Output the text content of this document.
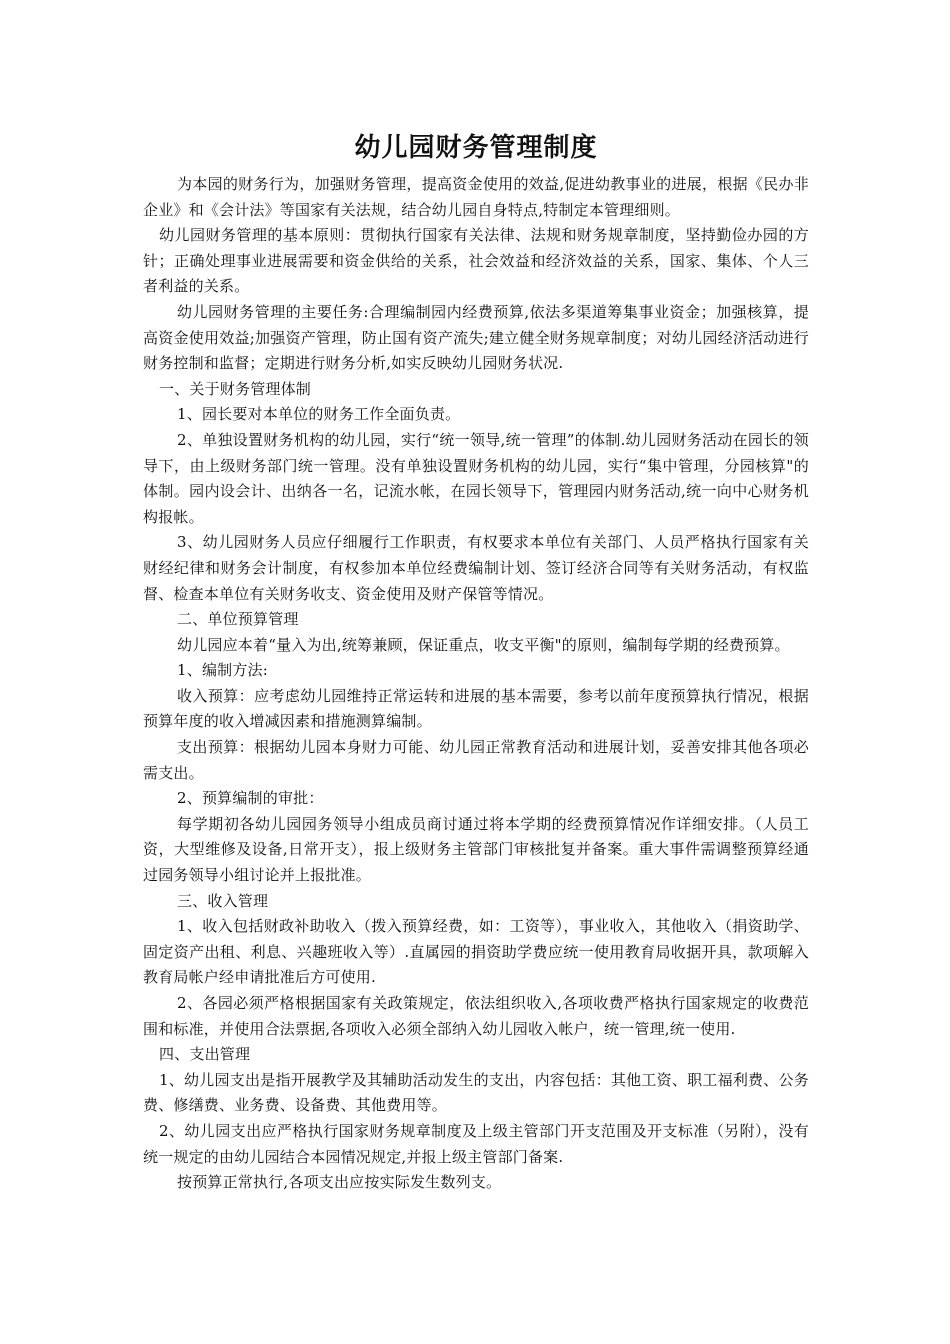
幼儿园财务管理制度

为本园的财务行为，加强财务管理，提高资金使用的效益,促进幼教事业的进展，根据《民办非企业》和《会计法》等国家有关法规，结合幼儿园自身特点,特制定本管理细则。

幼儿园财务管理的基本原则：贯彻执行国家有关法律、法规和财务规章制度，坚持勤俭办园的方针；正确处理事业进展需要和资金供给的关系，社会效益和经济效益的关系，国家、集体、个人三者利益的关系。

幼儿园财务管理的主要任务:合理编制园内经费预算,依法多渠道筹集事业资金；加强核算，提高资金使用效益;加强资产管理，防止国有资产流失;建立健全财务规章制度；对幼儿园经济活动进行财务控制和监督；定期进行财务分析,如实反映幼儿园财务状况.

一、关于财务管理体制

1、园长要对本单位的财务工作全面负责。

2、单独设置财务机构的幼儿园，实行“统一领导,统一管理”的体制.幼儿园财务活动在园长的领导下，由上级财务部门统一管理。没有单独设置财务机构的幼儿园，实行“集中管理，分园核算"的体制。园内设会计、出纳各一名，记流水帐，在园长领导下，管理园内财务活动,统一向中心财务机构报帐。

3、幼儿园财务人员应仔细履行工作职责，有权要求本单位有关部门、人员严格执行国家有关财经纪律和财务会计制度，有权参加本单位经费编制计划、签订经济合同等有关财务活动，有权监督、检查本单位有关财务收支、资金使用及财产保管等情况。

二、单位预算管理

幼儿园应本着“量入为出,统筹兼顾，保证重点，收支平衡"的原则，编制每学期的经费预算。

1、编制方法:

收入预算：应考虑幼儿园维持正常运转和进展的基本需要，参考以前年度预算执行情况，根据预算年度的收入增减因素和措施测算编制。

支出预算：根据幼儿园本身财力可能、幼儿园正常教育活动和进展计划，妥善安排其他各项必需支出。

2、预算编制的审批：

每学期初各幼儿园园务领导小组成员商讨通过将本学期的经费预算情况作详细安排。（人员工资，大型维修及设备,日常开支），报上级财务主管部门审核批复并备案。重大事件需调整预算经通过园务领导小组讨论并上报批准。

三、收入管理

1、收入包括财政补助收入（拨入预算经费，如：工资等），事业收入，其他收入（捐资助学、固定资产出租、利息、兴趣班收入等）.直属园的捐资助学费应统一使用教育局收据开具，款项解入教育局帐户经申请批准后方可使用.

2、各园必须严格根据国家有关政策规定，依法组织收入,各项收费严格执行国家规定的收费范围和标准，并使用合法票据,各项收入必须全部纳入幼儿园收入帐户，统一管理,统一使用.

四、支出管理

1、幼儿园支出是指开展教学及其辅助活动发生的支出，内容包括：其他工资、职工福利费、公务费、修缮费、业务费、设备费、其他费用等。

2、幼儿园支出应严格执行国家财务规章制度及上级主管部门开支范围及开支标准（另附），没有统一规定的由幼儿园结合本园情况规定,并报上级主管部门备案.

按预算正常执行,各项支出应按实际发生数列支。
